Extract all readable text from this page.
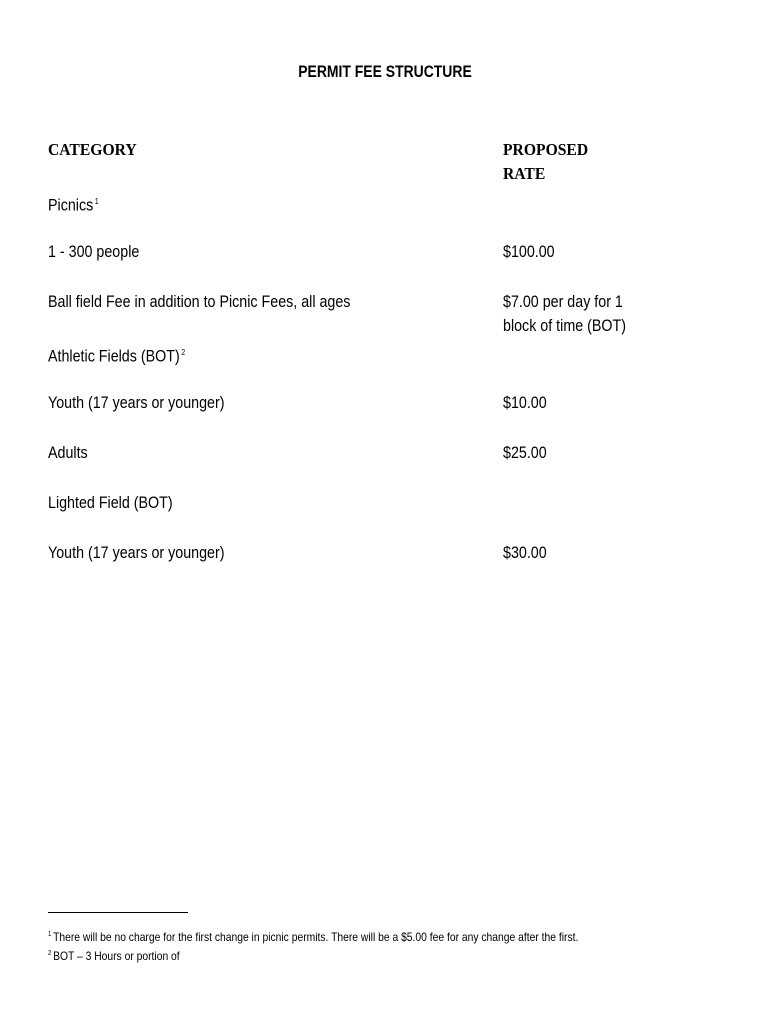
PERMIT FEE STRUCTURE
CATEGORY	PROPOSED
RATE
Picnics $^1$
1 - 300 people	$100.00
Ball field Fee in addition to Picnic Fees, all ages	$7.00 per day for 1
block of time (BOT)
Athletic Fields (BOT) $^2$
Youth (17 years or younger)	$10.00
Adults	$25.00
Lighted Field (BOT)
Youth (17 years or younger)	$30.00
$^1$ There will be no charge for the first change in picnic permits. There will be a $5.00 fee for any change after the first.
$^2$ BOT – 3 Hours or portion of
